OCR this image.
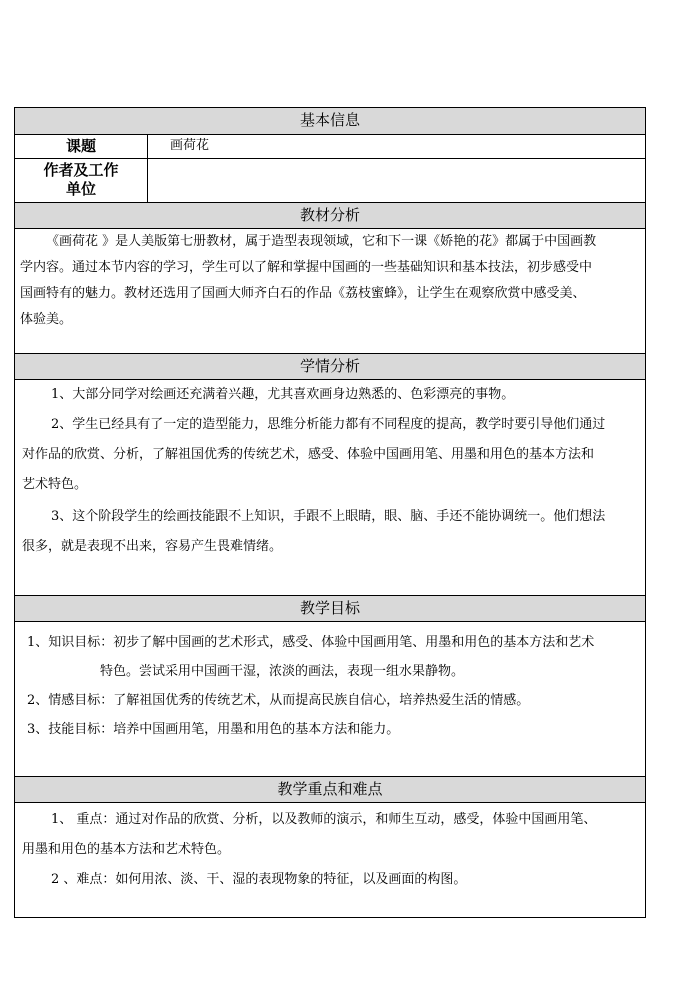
基本信息
课题	画荷花
作者及工作
单位
教材分析
《画荷花 》是人美版第七册教材，属于造型表现领域，它和下一课《娇艳的花》都属于中国画教
学内容。通过本节内容的学习，学生可以了解和掌握中国画的一些基础知识和基本技法，初步感受中
国画特有的魅力。教材还选用了国画大师齐白石的作品《荔枝蜜蜂》，让学生在观察欣赏中感受美、
体验美。
学情分析
1、大部分同学对绘画还充满着兴趣，尤其喜欢画身边熟悉的、色彩漂亮的事物。
2、学生已经具有了一定的造型能力，思维分析能力都有不同程度的提高，教学时要引导他们通过
对作品的欣赏、分析，了解祖国优秀的传统艺术，感受、体验中国画用笔、用墨和用色的基本方法和
艺术特色。
3、这个阶段学生的绘画技能跟不上知识，手跟不上眼睛，眼、脑、手还不能协调统一。他们想法
很多，就是表现不出来，容易产生畏难情绪。
教学目标
1、知识目标：初步了解中国画的艺术形式，感受、体验中国画用笔、用墨和用色的基本方法和艺术
特色。尝试采用中国画干湿，浓淡的画法，表现一组水果静物。
2、情感目标：了解祖国优秀的传统艺术，从而提高民族自信心，培养热爱生活的情感。
3、技能目标：培养中国画用笔，用墨和用色的基本方法和能力。
教学重点和难点
1、 重点：通过对作品的欣赏、分析，以及教师的演示，和师生互动，感受，体验中国画用笔、
用墨和用色的基本方法和艺术特色。
2 、难点：如何用浓、淡、干、湿的表现物象的特征，以及画面的构图。
